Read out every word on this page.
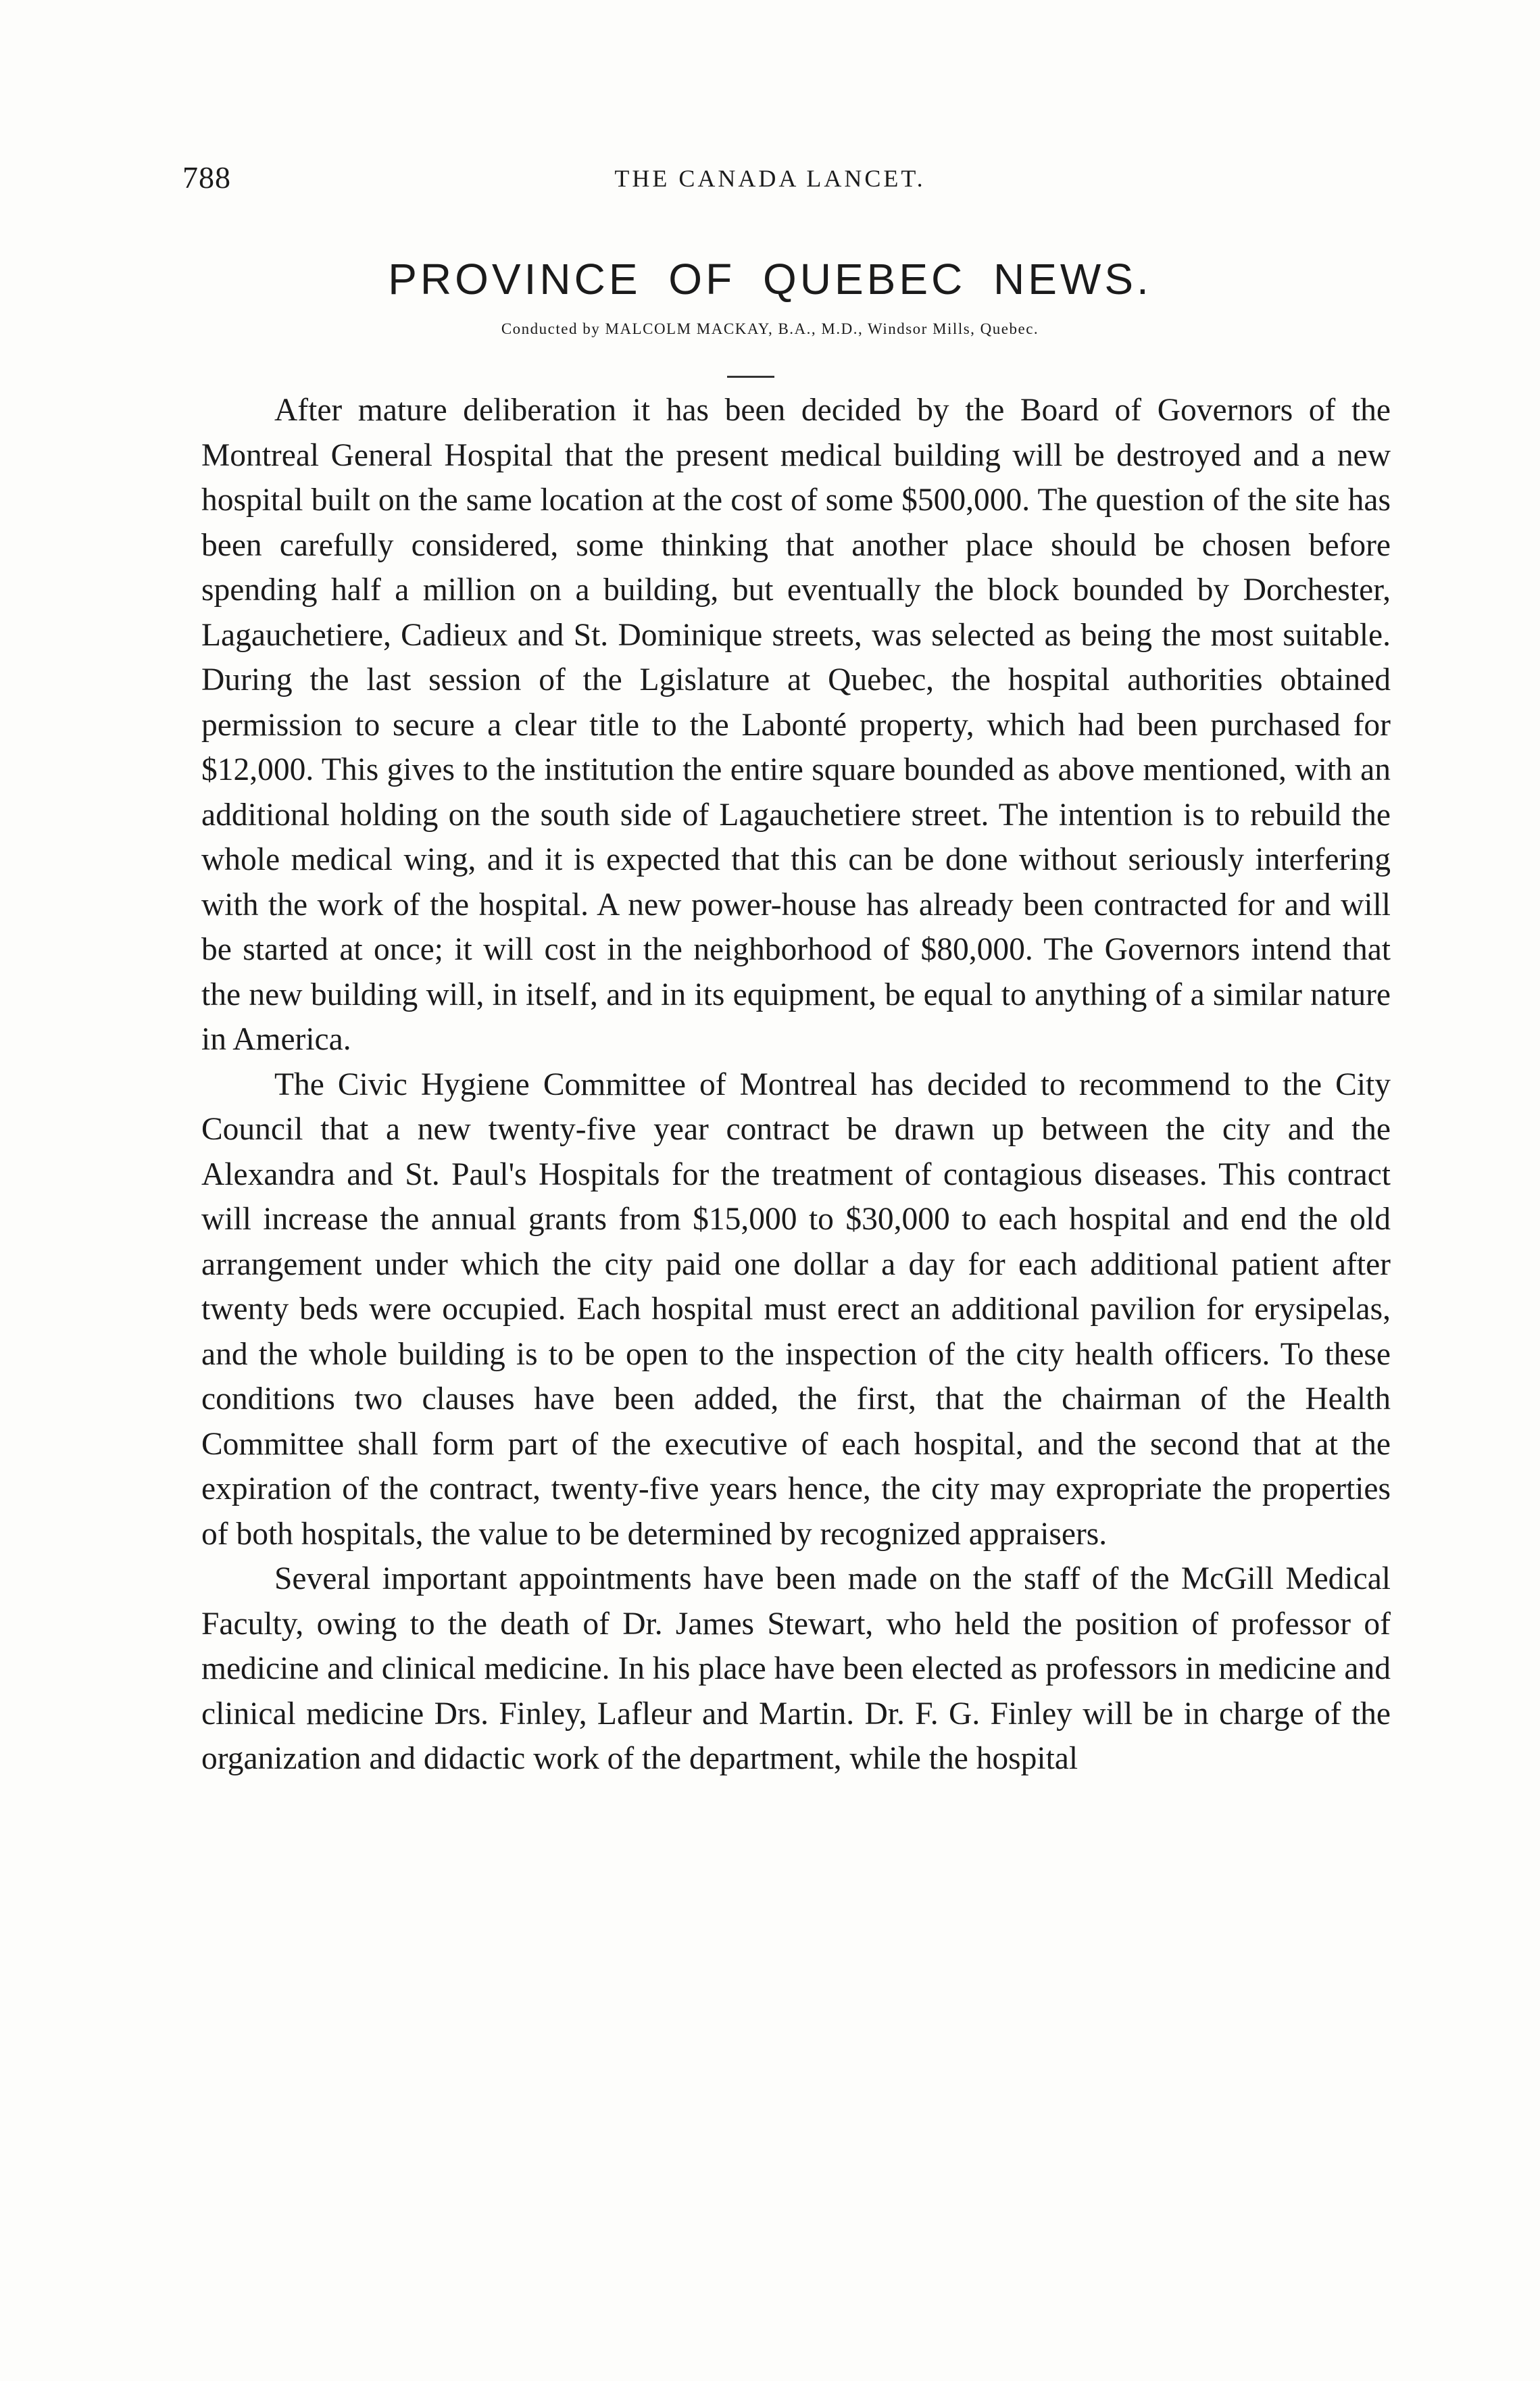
788	THE CANADA LANCET.
PROVINCE OF QUEBEC NEWS.
Conducted by MALCOLM MACKAY, B.A., M.D., Windsor Mills, Quebec.

After mature deliberation it has been decided by the Board of Governors of the Montreal General Hospital that the present medical building will be destroyed and a new hospital built on the same location at the cost of some $500,000. The question of the site has been carefully considered, some thinking that another place should be chosen before spending half a million on a building, but eventually the block bounded by Dorchester, Lagauchetiere, Cadieux and St. Dominique streets, was selected as being the most suitable. During the last session of the Lgislature at Quebec, the hospital authorities obtained permission to secure a clear title to the Labonté property, which had been purchased for $12,000. This gives to the institution the entire square bounded as above mentioned, with an additional holding on the south side of Lagauchetiere street. The intention is to rebuild the whole medical wing, and it is expected that this can be done without seriously interfering with the work of the hospital. A new power-house has already been contracted for and will be started at once; it will cost in the neighborhood of $80,000. The Governors intend that the new building will, in itself, and in its equipment, be equal to anything of a similar nature in America.

The Civic Hygiene Committee of Montreal has decided to recommend to the City Council that a new twenty-five year contract be drawn up between the city and the Alexandra and St. Paul's Hospitals for the treatment of contagious diseases. This contract will increase the annual grants from $15,000 to $30,000 to each hospital and end the old arrangement under which the city paid one dollar a day for each additional patient after twenty beds were occupied. Each hospital must erect an additional pavilion for erysipelas, and the whole building is to be open to the inspection of the city health officers. To these conditions two clauses have been added, the first, that the chairman of the Health Committee shall form part of the executive of each hospital, and the second that at the expiration of the contract, twenty-five years hence, the city may expropriate the properties of both hospitals, the value to be determined by recognized appraisers.

Several important appointments have been made on the staff of the McGill Medical Faculty, owing to the death of Dr. James Stewart, who held the position of professor of medicine and clinical medicine. In his place have been elected as professors in medicine and clinical medicine Drs. Finley, Lafleur and Martin. Dr. F. G. Finley will be in charge of the organization and didactic work of the department, while the hospital
